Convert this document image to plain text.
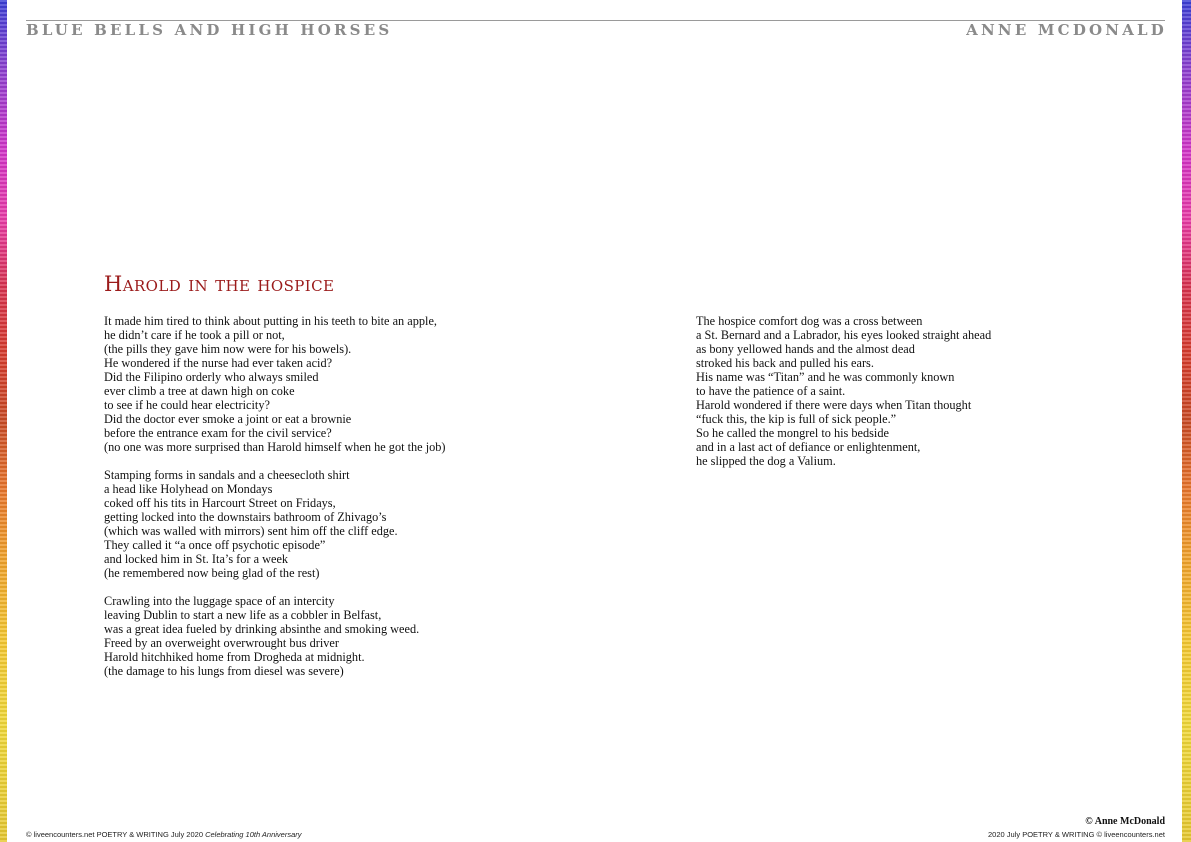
BLUE BELLS AND HIGH HORSES	ANNE MCDONALD
Harold in the hospice
It made him tired to think about putting in his teeth to bite an apple,
he didn’t care if he took a pill or not,
(the pills they gave him now were for his bowels).
He wondered if the nurse had ever taken acid?
Did the Filipino orderly who always smiled
ever climb a tree at dawn high on coke
to see if he could hear electricity?
Did the doctor ever smoke a joint or eat a brownie
before the entrance exam for the civil service?
(no one was more surprised than Harold himself when he got the job)
Stamping forms in sandals and a cheesecloth shirt
a head like Holyhead on Mondays
coked off his tits in Harcourt Street on Fridays,
getting locked into the downstairs bathroom of Zhivago’s
(which was walled with mirrors) sent him off the cliff edge.
They called it “a once off psychotic episode”
and locked him in St. Ita’s for a week
(he remembered now being glad of the rest)
Crawling into the luggage space of an intercity
leaving Dublin to start a new life as a cobbler in Belfast,
was a great idea fueled by drinking absinthe and smoking weed.
Freed by an overweight overwrought bus driver
Harold hitchhiked home from Drogheda at midnight.
(the damage to his lungs from diesel was severe)
The hospice comfort dog was a cross between
a St. Bernard and a Labrador, his eyes looked straight ahead
as bony yellowed hands and the almost dead
stroked his back and pulled his ears.
His name was “Titan” and he was commonly known
to have the patience of a saint.
Harold wondered if there were days when Titan thought
“fuck this, the kip is full of sick people.”
So he called the mongrel to his bedside
and in a last act of defiance or enlightenment,
he slipped the dog a Valium.
© liveencounters.net POETRY & WRITING July 2020 Celebrating 10th Anniversary
© Anne McDonald
2020 July POETRY & WRITING © liveencounters.net
